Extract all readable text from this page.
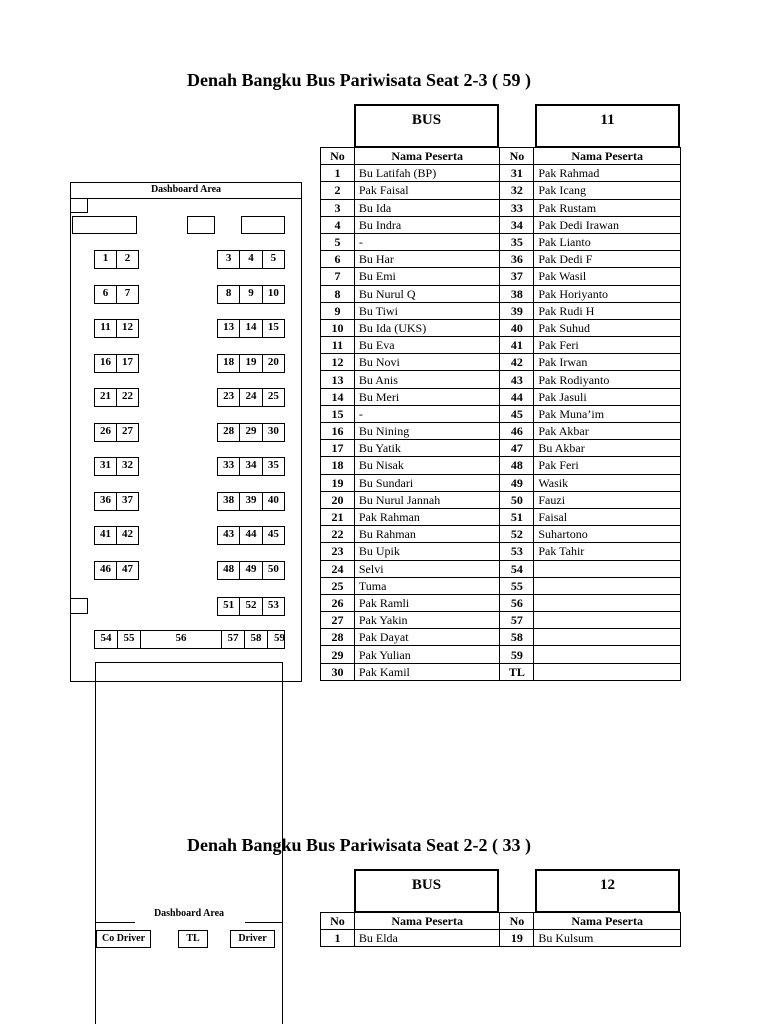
Denah Bangku Bus Pariwisata Seat 2-3 ( 59 )
BUS	11
No	Nama Peserta	No	Nama Peserta
1	Bu Latifah (BP)	31	Pak Rahmad
2	Pak Faisal	32	Pak Icang
3	Bu Ida	33	Pak Rustam
4	Bu Indra	34	Pak Dedi Irawan
5	-	35	Pak Lianto
6	Bu Har	36	Pak Dedi F
7	Bu Emi	37	Pak Wasil
8	Bu Nurul Q	38	Pak Horiyanto
9	Bu Tiwi	39	Pak Rudi H
10	Bu Ida (UKS)	40	Pak Suhud
11	Bu Eva	41	Pak Feri
12	Bu Novi	42	Pak Irwan
13	Bu Anis	43	Pak Rodiyanto
14	Bu Meri	44	Pak Jasuli
15	-	45	Pak Muna’im
16	Bu Nining	46	Pak Akbar
17	Bu Yatik	47	Bu Akbar
18	Bu Nisak	48	Pak Feri
19	Bu Sundari	49	Wasik
20	Bu Nurul Jannah	50	Fauzi
21	Pak Rahman	51	Faisal
22	Bu Rahman	52	Suhartono
23	Bu Upik	53	Pak Tahir
24	Selvi	54	
25	Tuma	55	
26	Pak Ramli	56	
27	Pak Yakin	57	
28	Pak Dayat	58	
29	Pak Yulian	59	
30	Pak Kamil	TL	
Dashboard Area
1	2	3	4	5
6	7	8	9	10
11	12	13	14	15
16	17	18	19	20
21	22	23	24	25
26	27	28	29	30
31	32	33	34	35
36	37	38	39	40
41	42	43	44	45
46	47	48	49	50
51	52	53
54	55	56	57	58	59
Denah Bangku Bus Pariwisata Seat 2-2 ( 33 )
BUS	12
No	Nama Peserta	No	Nama Peserta
1	Bu Elda	19	Bu Kulsum
Dashboard Area
Co Driver	TL	Driver
